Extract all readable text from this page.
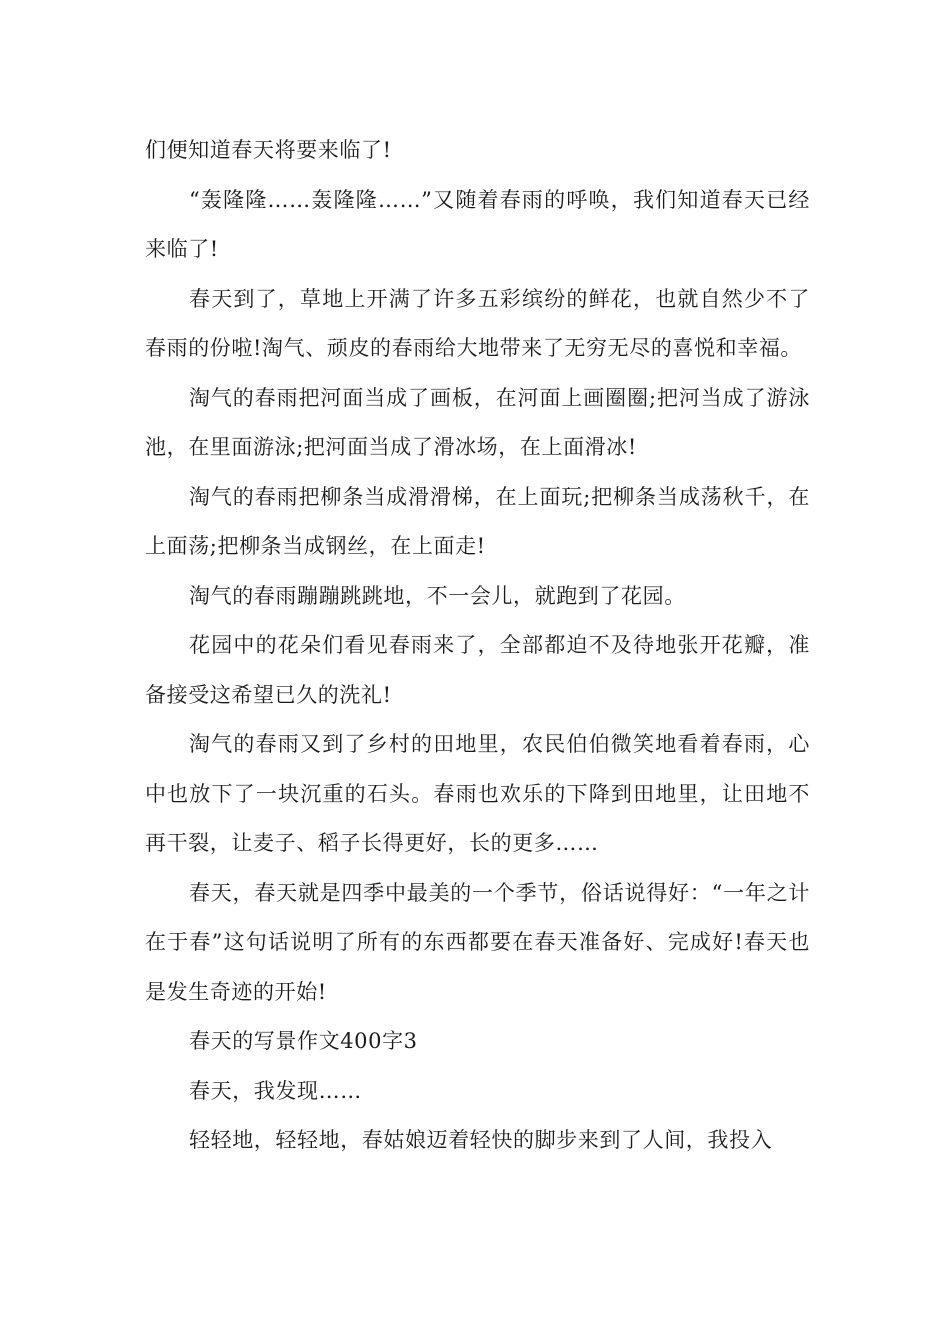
们便知道春天将要来临了!

“轰隆隆……轰隆隆……”又随着春雨的呼唤，我们知道春天已经来临了!

春天到了，草地上开满了许多五彩缤纷的鲜花，也就自然少不了春雨的份啦!淘气、顽皮的春雨给大地带来了无穷无尽的喜悦和幸福。

淘气的春雨把河面当成了画板，在河面上画圈圈;把河当成了游泳池，在里面游泳;把河面当成了滑冰场，在上面滑冰!

淘气的春雨把柳条当成滑滑梯，在上面玩;把柳条当成荡秋千，在上面荡;把柳条当成钢丝，在上面走!

淘气的春雨蹦蹦跳跳地，不一会儿，就跑到了花园。

花园中的花朵们看见春雨来了，全部都迫不及待地张开花瓣，准备接受这希望已久的洗礼!

淘气的春雨又到了乡村的田地里，农民伯伯微笑地看着春雨，心中也放下了一块沉重的石头。春雨也欢乐的下降到田地里，让田地不再干裂，让麦子、稻子长得更好，长的更多……

春天，春天就是四季中最美的一个季节，俗话说得好：“一年之计在于春”这句话说明了所有的东西都要在春天准备好、完成好!春天也是发生奇迹的开始!

春天的写景作文400字3

春天，我发现……

轻轻地，轻轻地，春姑娘迈着轻快的脚步来到了人间，我投入
